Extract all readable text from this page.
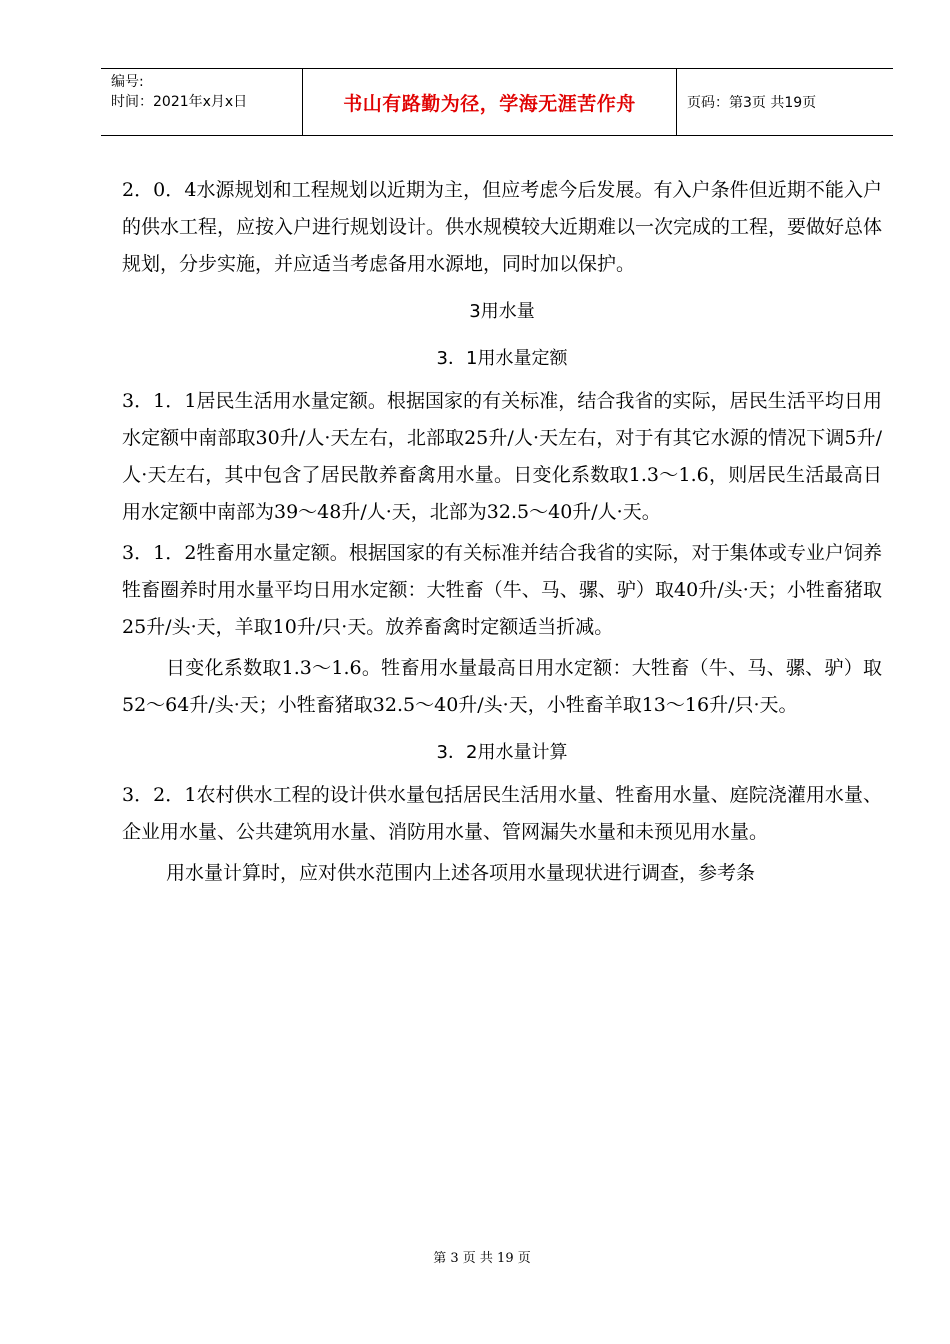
编号:
时间：2021年x月x日	书山有路勤为径，学海无涯苦作舟	页码：第3页 共19页

2．0．4水源规划和工程规划以近期为主，但应考虑今后发展。有入户条件但近期不能入户的供水工程，应按入户进行规划设计。供水规模较大近期难以一次完成的工程，要做好总体规划，分步实施，并应适当考虑备用水源地，同时加以保护。

3用水量
3．1用水量定额

3．1．1居民生活用水量定额。根据国家的有关标准，结合我省的实际，居民生活平均日用水定额中南部取30升/人·天左右，北部取25升/人·天左右，对于有其它水源的情况下调5升/人·天左右，其中包含了居民散养畜禽用水量。日变化系数取1.3～1.6，则居民生活最高日用水定额中南部为39～48升/人·天，北部为32.5～40升/人·天。

3．1．2牲畜用水量定额。根据国家的有关标准并结合我省的实际，对于集体或专业户饲养牲畜圈养时用水量平均日用水定额：大牲畜（牛、马、骡、驴）取40升/头·天；小牲畜猪取25升/头·天，羊取10升/只·天。放养畜禽时定额适当折减。

日变化系数取1.3～1.6。牲畜用水量最高日用水定额：大牲畜（牛、马、骡、驴）取52～64升/头·天；小牲畜猪取32.5～40升/头·天，小牲畜羊取13～16升/只·天。

3．2用水量计算

3．2．1农村供水工程的设计供水量包括居民生活用水量、牲畜用水量、庭院浇灌用水量、企业用水量、公共建筑用水量、消防用水量、管网漏失水量和未预见用水量。

用水量计算时，应对供水范围内上述各项用水量现状进行调查，参考条

第 3 页 共 19 页
